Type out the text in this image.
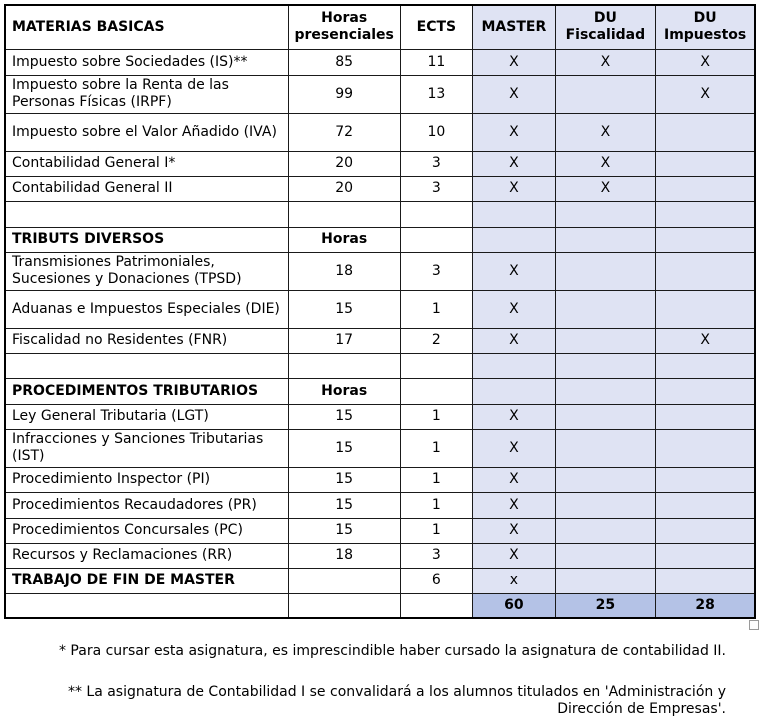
MATERIAS BASICAS	Horas presenciales	ECTS	MASTER	DU Fiscalidad	DU Impuestos
Impuesto sobre Sociedades (IS)**	85	11	X	X	X
Impuesto sobre la Renta de las Personas Físicas (IRPF)	99	13	X		X
Impuesto sobre el Valor Añadido (IVA)	72	10	X	X	
Contabilidad General I*	20	3	X	X	
Contabilidad General II	20	3	X	X	

TRIBUTS DIVERSOS	Horas				
Transmisiones Patrimoniales, Sucesiones y Donaciones (TPSD)	18	3	X		
Aduanas e Impuestos Especiales (DIE)	15	1	X		
Fiscalidad no Residentes (FNR)	17	2	X		X

PROCEDIMENTOS TRIBUTARIOS	Horas				
Ley General Tributaria (LGT)	15	1	X		
Infracciones y Sanciones Tributarias (IST)	15	1	X		
Procedimiento Inspector (PI)	15	1	X		
Procedimientos Recaudadores (PR)	15	1	X		
Procedimientos Concursales (PC)	15	1	X		
Recursos y Reclamaciones (RR)	18	3	X		
TRABAJO DE FIN DE MASTER		6	x		
			60	25	28
* Para cursar esta asignatura, es imprescindible haber cursado la asignatura de contabilidad II.
** La asignatura de Contabilidad I se convalidará a los alumnos titulados en 'Administración y
Dirección de Empresas'.
